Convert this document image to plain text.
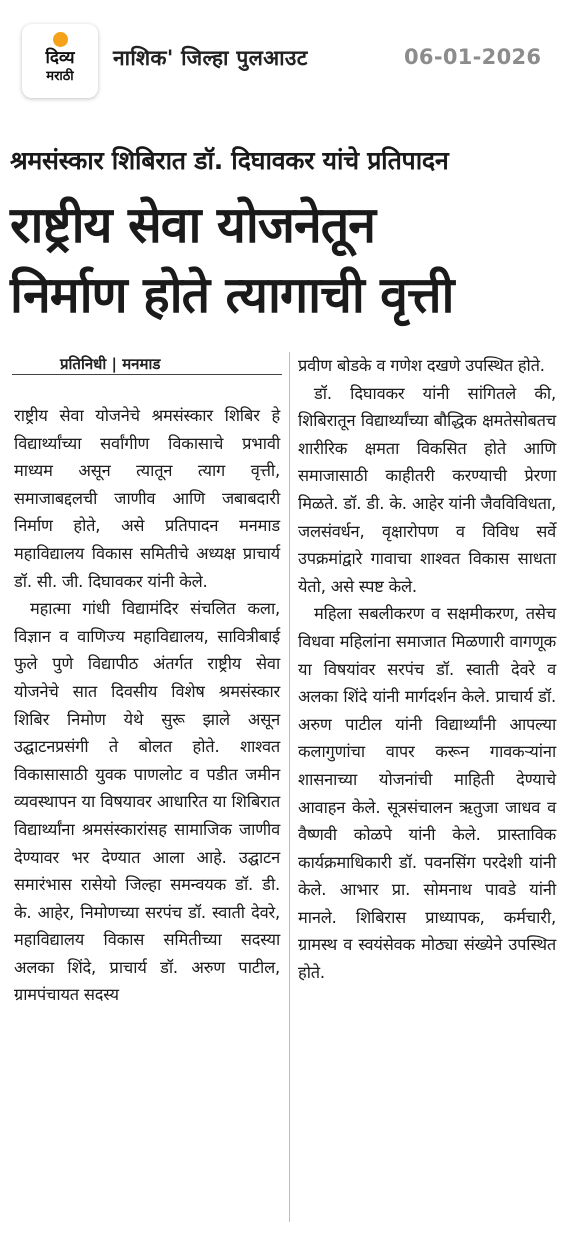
दिव्य
मराठी
नाशिक' जिल्हा पुलआउट	06-01-2026
श्रमसंस्कार शिबिरात डॉ. दिघावकर यांचे प्रतिपादन
राष्ट्रीय सेवा योजनेतून
निर्माण होते त्यागाची वृत्ती
प्रतिनिधी | मनमाड

राष्ट्रीय सेवा योजनेचे श्रमसंस्कार शिबिर हे विद्यार्थ्यांच्या सर्वांगीण विकासाचे प्रभावी माध्यम असून त्यातून त्याग वृत्ती, समाजाबद्दलची जाणीव आणि जबाबदारी निर्माण होते, असे प्रतिपादन मनमाड महाविद्यालय विकास समितीचे अध्यक्ष प्राचार्य डॉ. सी. जी. दिघावकर यांनी केले.

महात्मा गांधी विद्यामंदिर संचलित कला, विज्ञान व वाणिज्य महाविद्यालय, सावित्रीबाई फुले पुणे विद्यापीठ अंतर्गत राष्ट्रीय सेवा योजनेचे सात दिवसीय विशेष श्रमसंस्कार शिबिर निमोण येथे सुरू झाले असून उद्घाटनप्रसंगी ते बोलत होते. शाश्वत विकासासाठी युवक पाणलोट व पडीत जमीन व्यवस्थापन या विषयावर आधारित या शिबिरात विद्यार्थ्यांना श्रमसंस्कारांसह सामाजिक जाणीव देण्यावर भर देण्यात आला आहे. उद्घाटन समारंभास रासेयो जिल्हा समन्वयक डॉ. डी. के. आहेर, निमोणच्या सरपंच डॉ. स्वाती देवरे, महाविद्यालय विकास समितीच्या सदस्या अलका शिंदे, प्राचार्य डॉ. अरुण पाटील, ग्रामपंचायत सदस्य

प्रवीण बोडके व गणेश दखणे उपस्थित होते.

डॉ. दिघावकर यांनी सांगितले की, शिबिरातून विद्यार्थ्यांच्या बौद्धिक क्षमतेसोबतच शारीरिक क्षमता विकसित होते आणि समाजासाठी काहीतरी करण्याची प्रेरणा मिळते. डॉ. डी. के. आहेर यांनी जैवविविधता, जलसंवर्धन, वृक्षारोपण व विविध सर्वे उपक्रमांद्वारे गावाचा शाश्वत विकास साधता येतो, असे स्पष्ट केले.

महिला सबलीकरण व सक्षमीकरण, तसेच विधवा महिलांना समाजात मिळणारी वागणूक या विषयांवर सरपंच डॉ. स्वाती देवरे व अलका शिंदे यांनी मार्गदर्शन केले. प्राचार्य डॉ. अरुण पाटील यांनी विद्यार्थ्यांनी आपल्या कलागुणांचा वापर करून गावकऱ्यांना शासनाच्या योजनांची माहिती देण्याचे आवाहन केले. सूत्रसंचालन ऋतुजा जाधव व वैष्णवी कोळपे यांनी केले. प्रास्ताविक कार्यक्रमाधिकारी डॉ. पवनसिंग परदेशी यांनी केले. आभार प्रा. सोमनाथ पावडे यांनी मानले. शिबिरास प्राध्यापक, कर्मचारी, ग्रामस्थ व स्वयंसेवक मोठ्या संख्येने उपस्थित होते.
